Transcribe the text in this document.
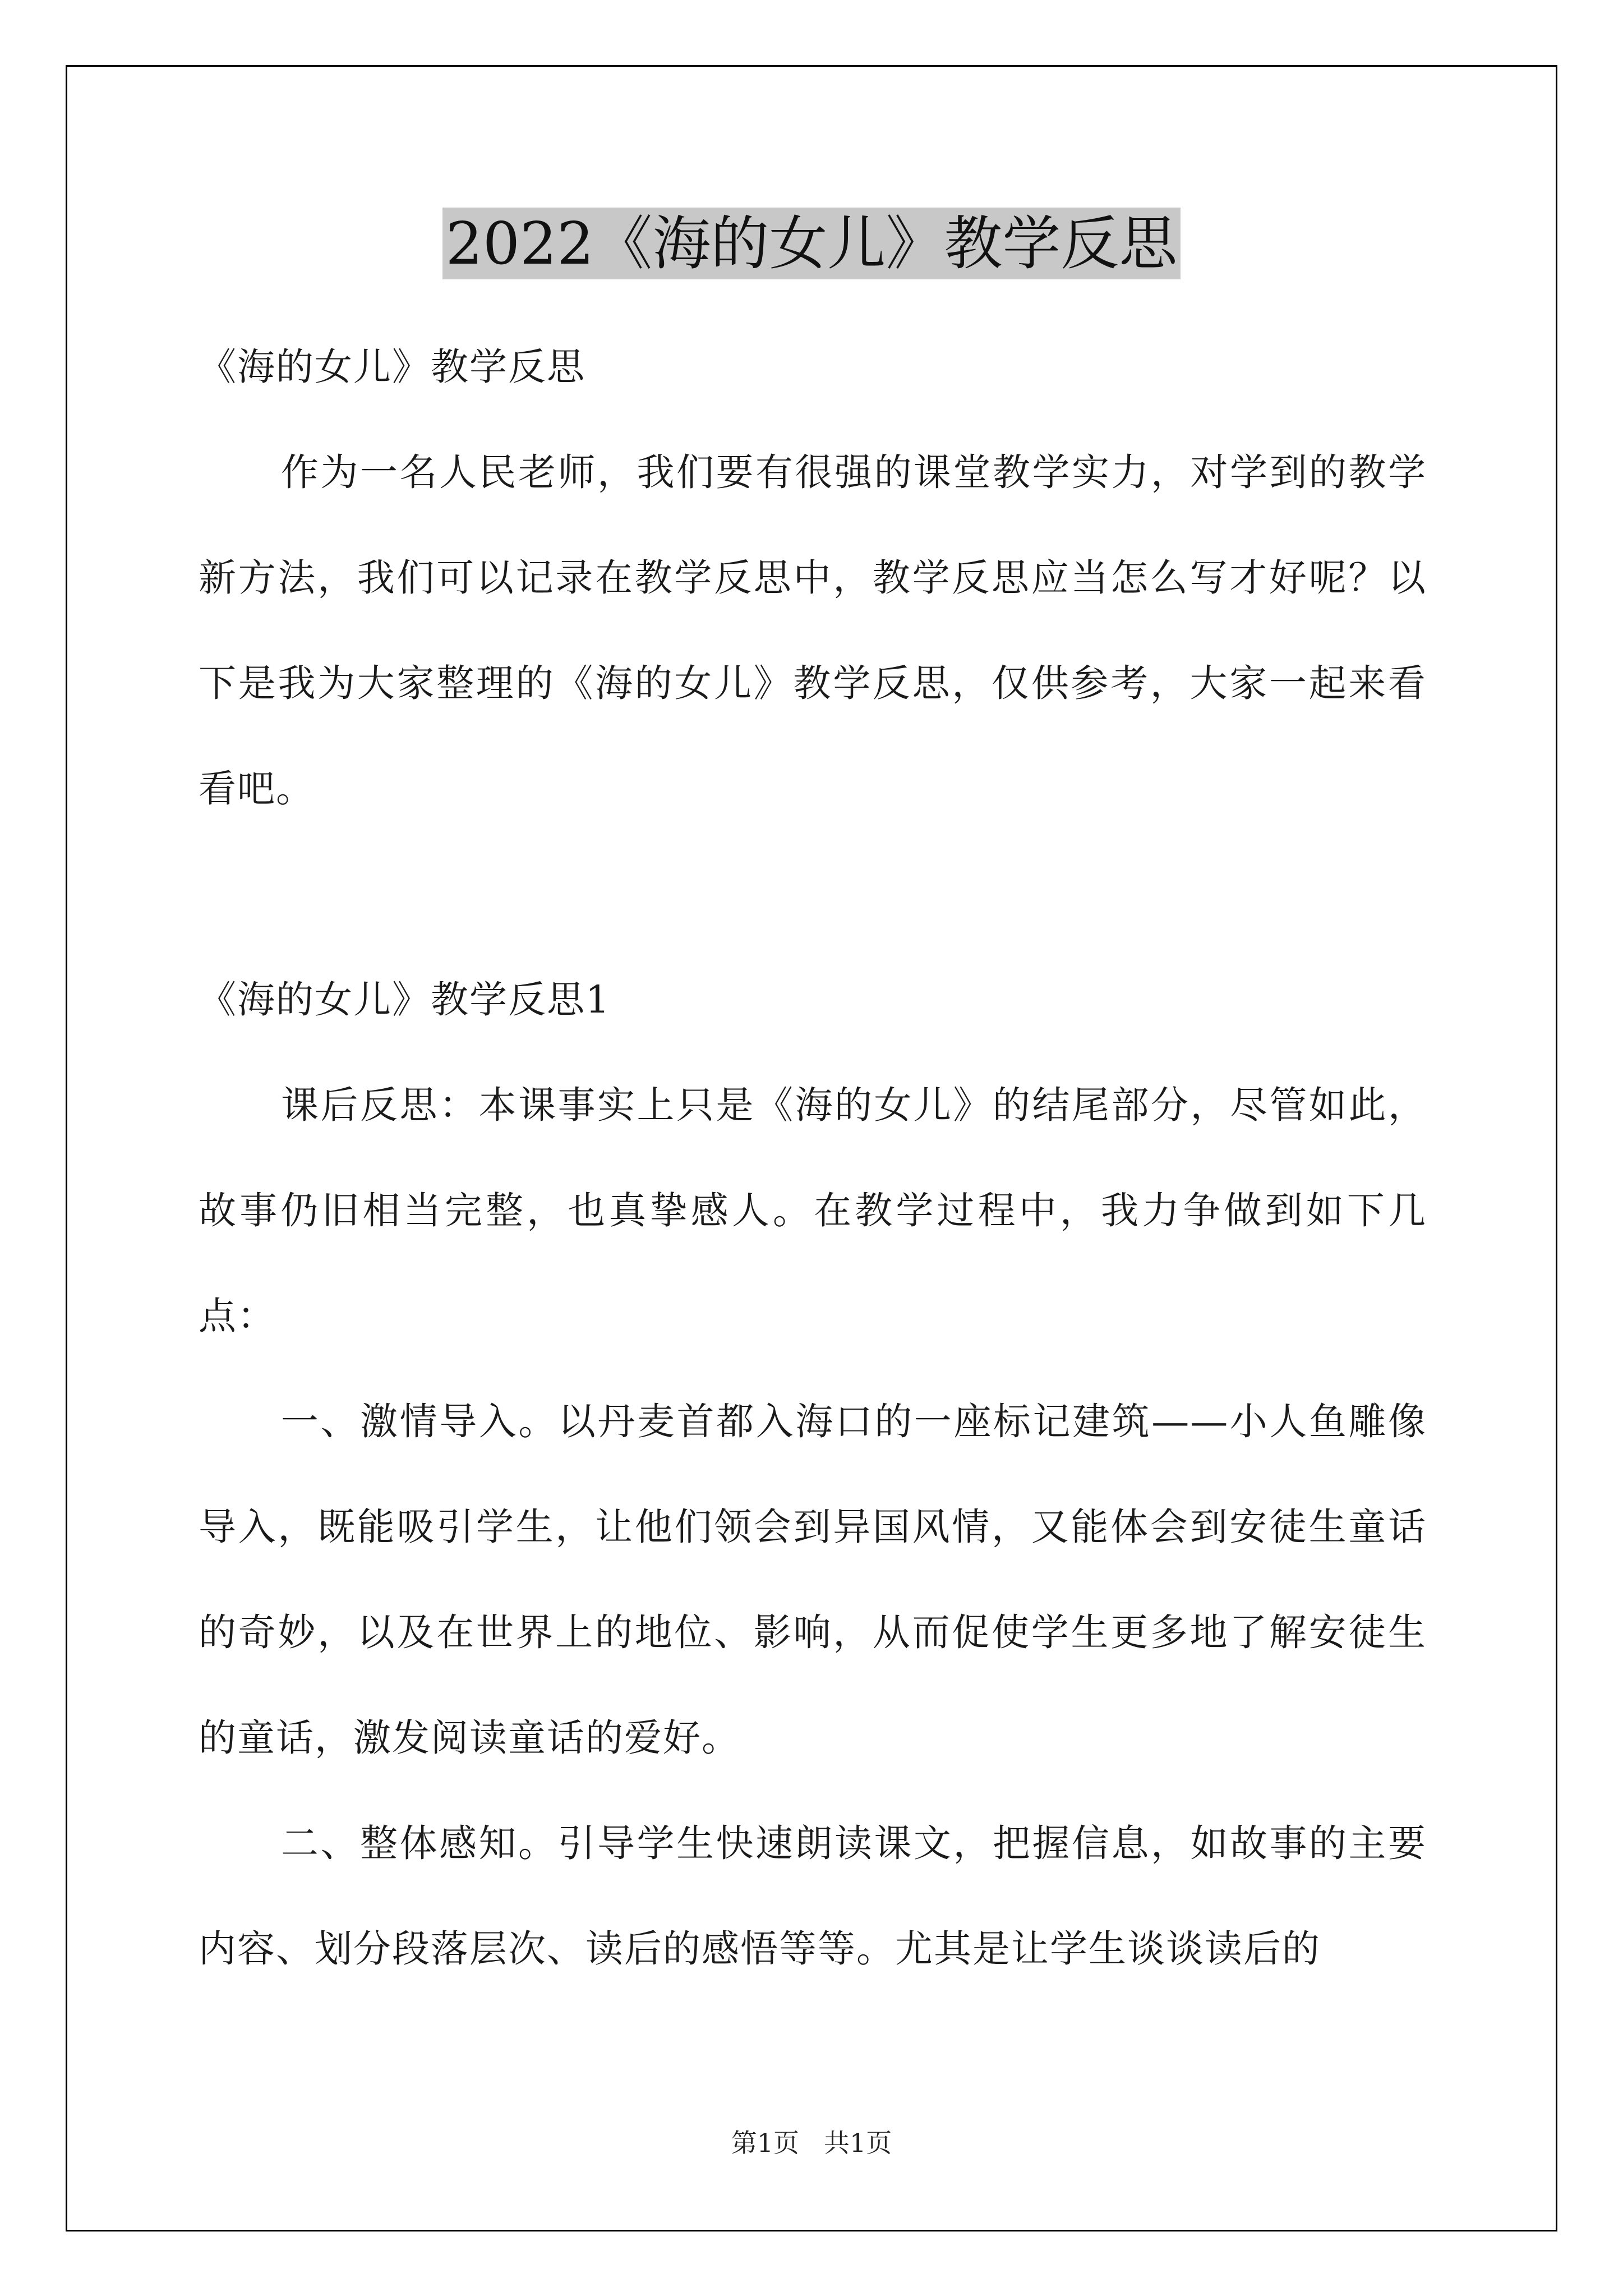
2022《海的女儿》教学反思

《海的女儿》教学反思

作为一名人民老师，我们要有很强的课堂教学实力，对学到的教学新方法，我们可以记录在教学反思中，教学反思应当怎么写才好呢？以下是我为大家整理的《海的女儿》教学反思，仅供参考，大家一起来看看吧。

《海的女儿》教学反思1

课后反思：本课事实上只是《海的女儿》的结尾部分，尽管如此，故事仍旧相当完整，也真挚感人。在教学过程中，我力争做到如下几点：

一、激情导入。以丹麦首都入海口的一座标记建筑——小人鱼雕像导入，既能吸引学生，让他们领会到异国风情，又能体会到安徒生童话的奇妙，以及在世界上的地位、影响，从而促使学生更多地了解安徒生的童话，激发阅读童话的爱好。

二、整体感知。引导学生快速朗读课文，把握信息，如故事的主要内容、划分段落层次、读后的感悟等等。尤其是让学生谈谈读后的

第1页 共1页
